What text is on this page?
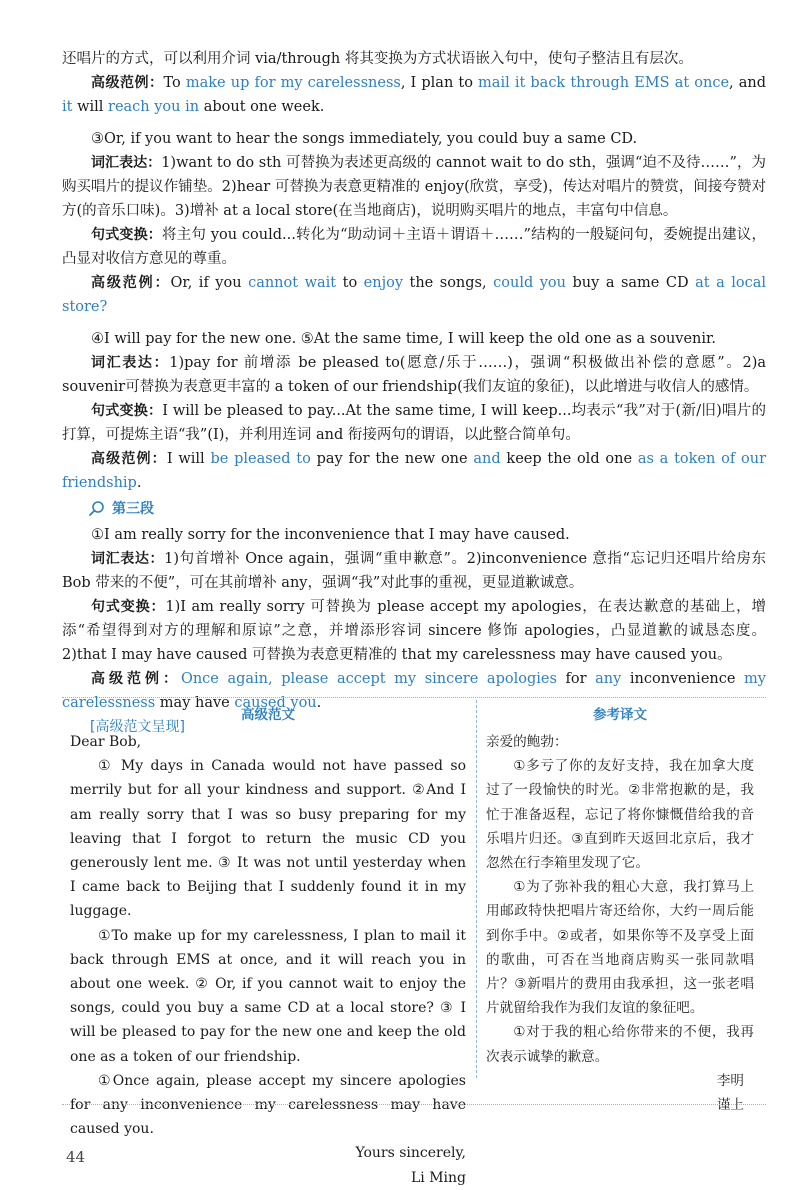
还唱片的方式，可以利用介词 via/through 将其变换为方式状语嵌入句中，使句子整洁且有层次。

高级范例：To make up for my carelessness, I plan to mail it back through EMS at once, and it will reach you in about one week.

③Or, if you want to hear the songs immediately, you could buy a same CD.

词汇表达：1)want to do sth 可替换为表述更高级的 cannot wait to do sth，强调“迫不及待……”，为购买唱片的提议作铺垫。2)hear 可替换为表意更精准的 enjoy(欣赏，享受)，传达对唱片的赞赏，间接夸赞对方(的音乐口味)。3)增补 at a local store(在当地商店)，说明购买唱片的地点，丰富句中信息。

句式变换：将主句 you could...转化为“助动词＋主语＋谓语＋……”结构的一般疑问句，委婉提出建议，凸显对收信方意见的尊重。

高级范例：Or, if you cannot wait to enjoy the songs, could you buy a same CD at a local store?

④I will pay for the new one. ⑤At the same time, I will keep the old one as a souvenir.

词汇表达：1)pay for 前增添 be pleased to(愿意/乐于……)，强调“积极做出补偿的意愿”。2)a souvenir可替换为表意更丰富的 a token of our friendship(我们友谊的象征)，以此增进与收信人的感情。

句式变换：I will be pleased to pay...At the same time, I will keep...均表示“我”对于(新/旧)唱片的打算，可提炼主语“我”(I)，并利用连词 and 衔接两句的谓语，以此整合简单句。

高级范例：I will be pleased to pay for the new one and keep the old one as a token of our friendship.

第三段

①I am really sorry for the inconvenience that I may have caused.

词汇表达：1)句首增补 Once again，强调“重申歉意”。2)inconvenience 意指“忘记归还唱片给房东 Bob 带来的不便”，可在其前增补 any，强调“我”对此事的重视，更显道歉诚意。

句式变换：1)I am really sorry 可替换为 please accept my apologies，在表达歉意的基础上，增添“希望得到对方的理解和原谅”之意，并增添形容词 sincere 修饰 apologies，凸显道歉的诚恳态度。2)that I may have caused 可替换为表意更精准的 that my carelessness may have caused you。

高级范例：Once again, please accept my sincere apologies for any inconvenience my carelessness may have caused you.

[高级范文呈现]
高级范文	参考译文

Dear Bob,

① My days in Canada would not have passed so merrily but for all your kindness and support. ②And I am really sorry that I was so busy preparing for my leaving that I forgot to return the music CD you generously lent me. ③ It was not until yesterday when I came back to Beijing that I suddenly found it in my luggage.

①To make up for my carelessness, I plan to mail it back through EMS at once, and it will reach you in about one week. ② Or, if you cannot wait to enjoy the songs, could you buy a same CD at a local store? ③ I will be pleased to pay for the new one and keep the old one as a token of our friendship.

①Once again, please accept my sincere apologies for any inconvenience my carelessness may have caused you.

Yours sincerely,

Li Ming

亲爱的鲍勃：

①多亏了你的友好支持，我在加拿大度过了一段愉快的时光。②非常抱歉的是，我忙于准备返程，忘记了将你慷慨借给我的音乐唱片归还。③直到昨天返回北京后，我才忽然在行李箱里发现了它。

①为了弥补我的粗心大意，我打算马上用邮政特快把唱片寄还给你，大约一周后能到你手中。②或者，如果你等不及享受上面的歌曲，可否在当地商店购买一张同款唱片？③新唱片的费用由我承担，这一张老唱片就留给我作为我们友谊的象征吧。

①对于我的粗心给你带来的不便，我再次表示诚挚的歉意。

李明

谨上

44
